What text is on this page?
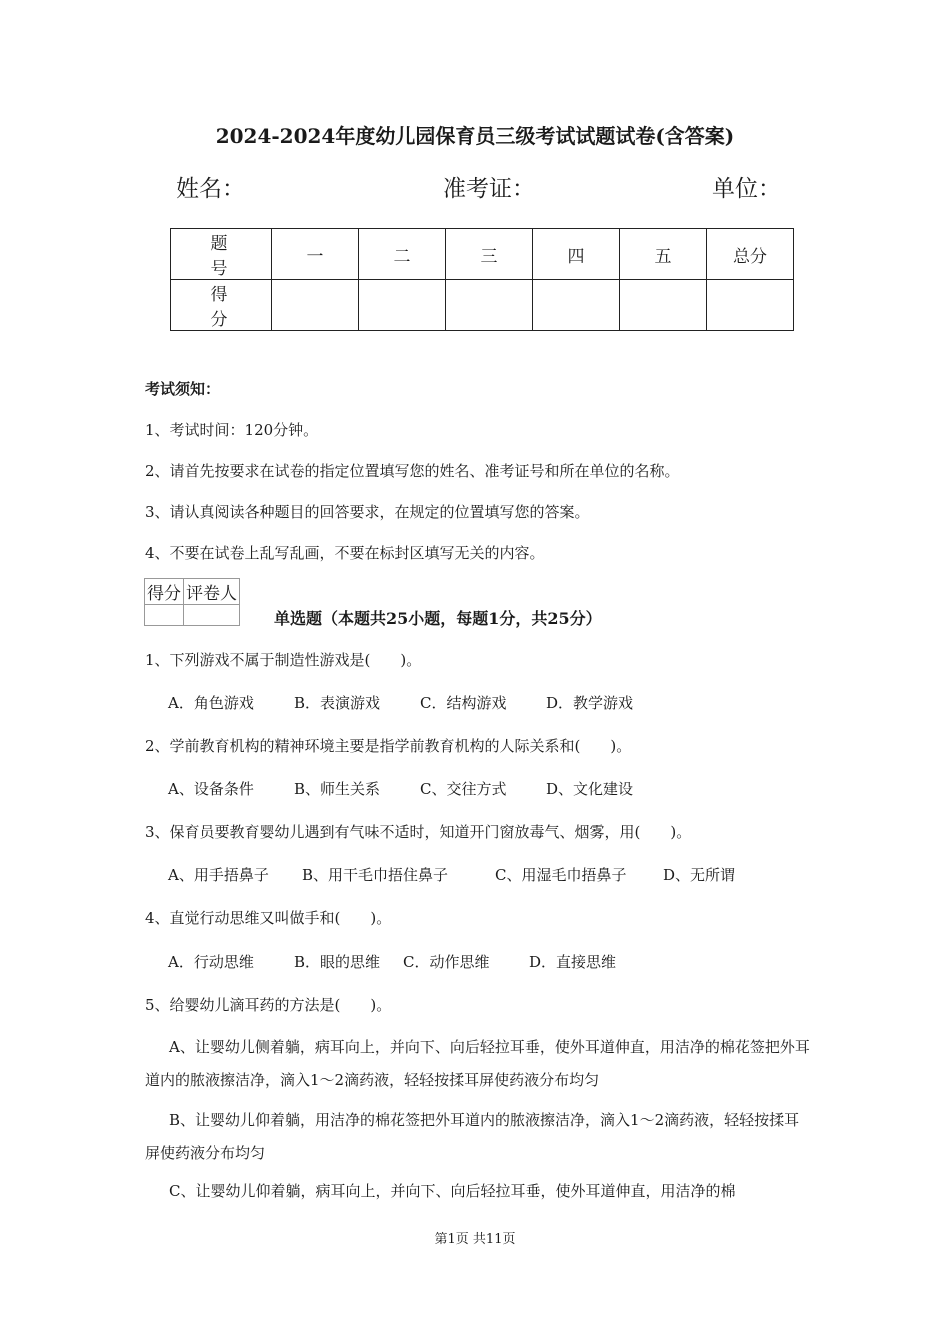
2024-2024年度幼儿园保育员三级考试试题试卷(含答案)
姓名：	准考证：	单位：
题　号	一	二	三	四	五	总分
得　分						
考试须知：
1、考试时间：120分钟。
2、请首先按要求在试卷的指定位置填写您的姓名、准考证号和所在单位的名称。
3、请认真阅读各种题目的回答要求，在规定的位置填写您的答案。
4、不要在试卷上乱写乱画，不要在标封区填写无关的内容。
得分	评卷人

单选题（本题共25小题，每题1分，共25分）
1、下列游戏不属于制造性游戏是(　　)。
A．角色游戏	B．表演游戏	C．结构游戏	D．教学游戏
2、学前教育机构的精神环境主要是指学前教育机构的人际关系和(　　)。
A、设备条件	B、师生关系	C、交往方式	D、文化建设
3、保育员要教育婴幼儿遇到有气味不适时，知道开门窗放毒气、烟雾，用(　　)。
A、用手捂鼻子 B、用干毛巾捂住鼻子	C、用湿毛巾捂鼻子 D、无所谓
4、直觉行动思维又叫做手和(　　)。
A．行动思维	B．眼的思维 C．动作思维	D．直接思维
5、给婴幼儿滴耳药的方法是(　　)。
A、让婴幼儿侧着躺，病耳向上，并向下、向后轻拉耳垂，使外耳道伸直，用洁净的棉花签把外耳道内的脓液擦洁净，滴入1～2滴药液，轻轻按揉耳屏使药液分布均匀
B、让婴幼儿仰着躺，用洁净的棉花签把外耳道内的脓液擦洁净，滴入1～2滴药液，轻轻按揉耳屏使药液分布均匀
C、让婴幼儿仰着躺，病耳向上，并向下、向后轻拉耳垂，使外耳道伸直，用洁净的棉
第1页 共11页
